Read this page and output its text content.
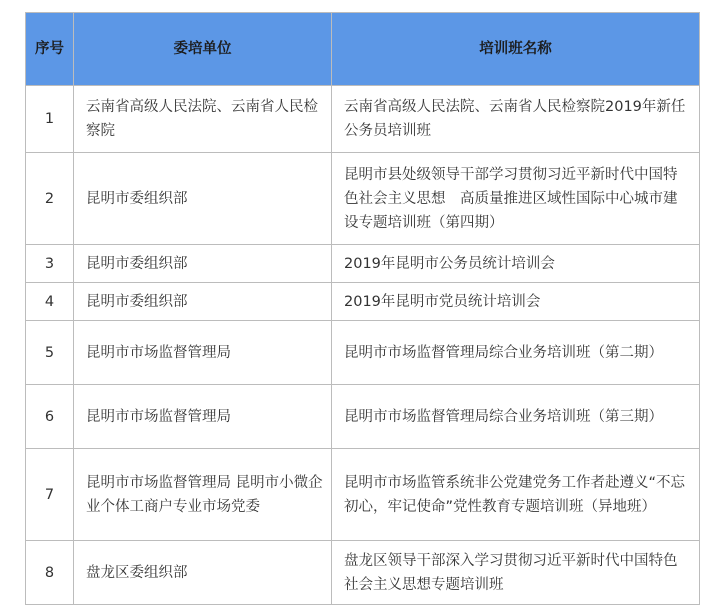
序号	委培单位	培训班名称
1	云南省高级人民法院、云南省人民检察院	云南省高级人民法院、云南省人民检察院2019年新任公务员培训班
2	昆明市委组织部	昆明市县处级领导干部学习贯彻习近平新时代中国特色社会主义思想　高质量推进区域性国际中心城市建设专题培训班（第四期）
3	昆明市委组织部	2019年昆明市公务员统计培训会
4	昆明市委组织部	2019年昆明市党员统计培训会
5	昆明市市场监督管理局	昆明市市场监督管理局综合业务培训班（第二期）
6	昆明市市场监督管理局	昆明市市场监督管理局综合业务培训班（第三期）
7	昆明市市场监督管理局 昆明市小微企业个体工商户专业市场党委	昆明市市场监管系统非公党建党务工作者赴遵义“不忘初心，牢记使命”党性教育专题培训班（异地班）
8	盘龙区委组织部	盘龙区领导干部深入学习贯彻习近平新时代中国特色社会主义思想专题培训班
